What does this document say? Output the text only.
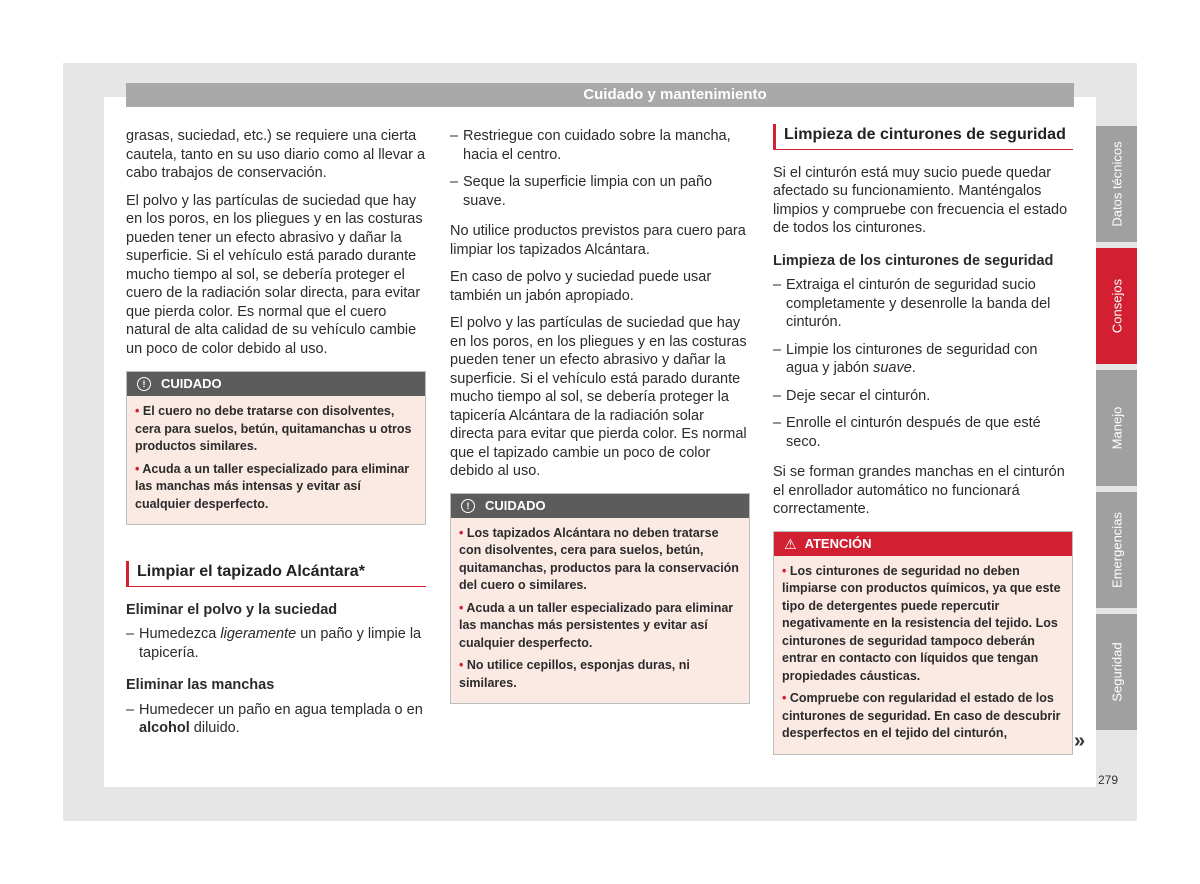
Cuidado y mantenimiento

grasas, suciedad, etc.) se requiere una cierta cautela, tanto en su uso diario como al llevar a cabo trabajos de conservación.

El polvo y las partículas de suciedad que hay en los poros, en los pliegues y en las costuras pueden tener un efecto abrasivo y dañar la superficie. Si el vehículo está parado durante mucho tiempo al sol, se debería proteger el cuero de la radiación solar directa, para evitar que pierda color. Es normal que el cuero natural de alta calidad de su vehículo cambie un poco de color debido al uso.

!	CUIDADO

• El cuero no debe tratarse con disolventes, cera para suelos, betún, quitamanchas u otros productos similares.

• Acuda a un taller especializado para eliminar las manchas más intensas y evitar así cualquier desperfecto.

Limpiar el tapizado Alcántara*
Eliminar el polvo y la suciedad
– Humedezca ligeramente un paño y limpie la tapicería.
Eliminar las manchas
– Humedecer un paño en agua templada o en alcohol diluido.
– Restriegue con cuidado sobre la mancha, hacia el centro.
– Seque la superficie limpia con un paño suave.

No utilice productos previstos para cuero para limpiar los tapizados Alcántara.

En caso de polvo y suciedad puede usar también un jabón apropiado.

El polvo y las partículas de suciedad que hay en los poros, en los pliegues y en las costuras pueden tener un efecto abrasivo y dañar la superficie. Si el vehículo está parado durante mucho tiempo al sol, se debería proteger la tapicería Alcántara de la radiación solar directa para evitar que pierda color. Es normal que el tapizado cambie un poco de color debido al uso.

!	CUIDADO

• Los tapizados Alcántara no deben tratarse con disolventes, cera para suelos, betún, quitamanchas, productos para la conservación del cuero o similares.

• Acuda a un taller especializado para eliminar las manchas más persistentes y evitar así cualquier desperfecto.

• No utilice cepillos, esponjas duras, ni similares.

Limpieza de cinturones de seguridad

Si el cinturón está muy sucio puede quedar afectado su funcionamiento. Manténgalos limpios y compruebe con frecuencia el estado de todos los cinturones.

Limpieza de los cinturones de seguridad
– Extraiga el cinturón de seguridad sucio completamente y desenrolle la banda del cinturón.
– Limpie los cinturones de seguridad con agua y jabón suave.
– Deje secar el cinturón.
– Enrolle el cinturón después de que esté seco.

Si se forman grandes manchas en el cinturón el enrollador automático no funcionará correctamente.

⚠ ATENCIÓN

• Los cinturones de seguridad no deben limpiarse con productos químicos, ya que este tipo de detergentes puede repercutir negativamente en la resistencia del tejido. Los cinturones de seguridad tampoco deberán entrar en contacto con líquidos que tengan propiedades cáusticas.

• Compruebe con regularidad el estado de los cinturones de seguridad. En caso de descubrir desperfectos en el tejido del cinturón,

Datos técnicos
Consejos
Manejo
Emergencias
Seguridad
»
279
